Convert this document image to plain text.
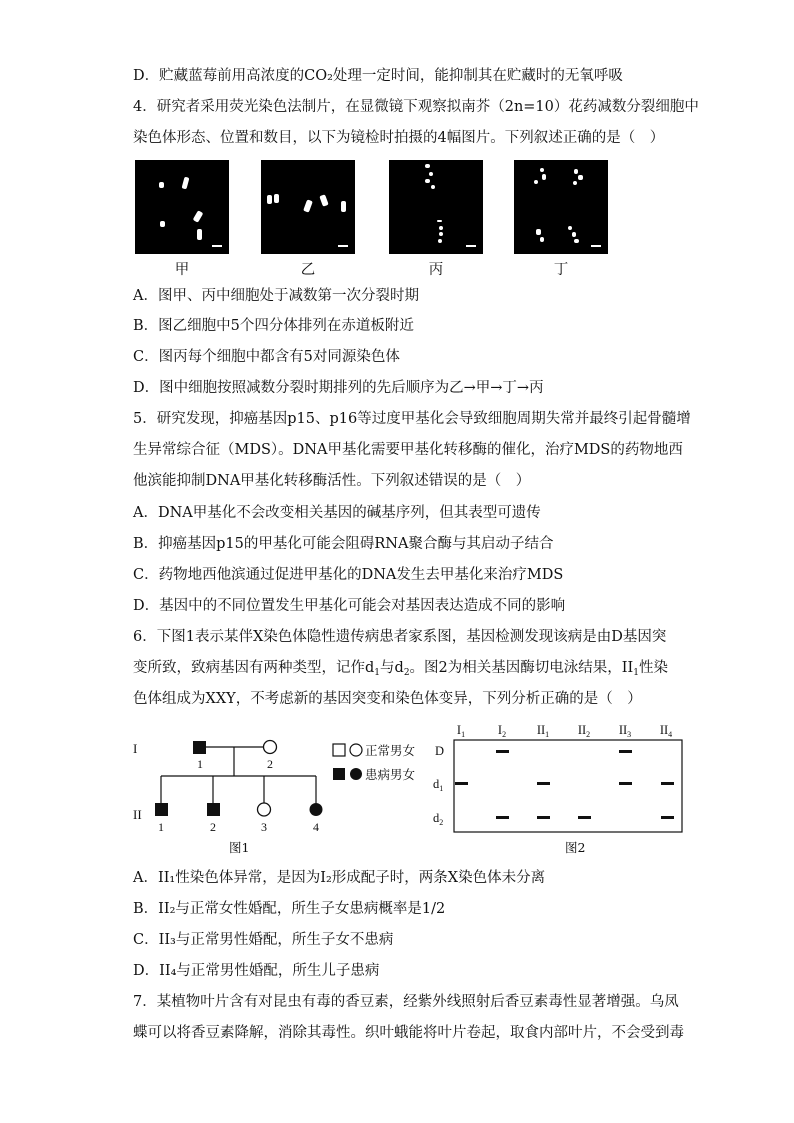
D．贮藏蓝莓前用高浓度的CO₂处理一定时间，能抑制其在贮藏时的无氧呼吸
4．研究者采用荧光染色法制片，在显微镜下观察拟南芥（2n=10）花药减数分裂细胞中
染色体形态、位置和数目，以下为镜检时拍摄的4幅图片。下列叙述正确的是（　）
甲	乙	丙	丁
A．图甲、丙中细胞处于减数第一次分裂时期
B．图乙细胞中5个四分体排列在赤道板附近
C．图丙每个细胞中都含有5对同源染色体
D．图中细胞按照减数分裂时期排列的先后顺序为乙→甲→丁→丙
5．研究发现，抑癌基因p15、p16等过度甲基化会导致细胞周期失常并最终引起骨髓增
生异常综合征（MDS）。DNA甲基化需要甲基化转移酶的催化，治疗MDS的药物地西
他滨能抑制DNA甲基化转移酶活性。下列叙述错误的是（　）
A．DNA甲基化不会改变相关基因的碱基序列，但其表型可遗传
B．抑癌基因p15的甲基化可能会阻碍RNA聚合酶与其启动子结合
C．药物地西他滨通过促进甲基化的DNA发生去甲基化来治疗MDS
D．基因中的不同位置发生甲基化可能会对基因表达造成不同的影响
6．下图1表示某伴X染色体隐性遗传病患者家系图，基因检测发现该病是由D基因突
变所致，致病基因有两种类型，记作$d_1$与$d_2$。图2为相关基因酶切电泳结果，$II_1$性染
色体组成为XXY，不考虑新的基因突变和染色体变异，下列分析正确的是（　）
I
II
1	2
1	2	3	4
正常男女
患病男女
图1
$I_1$	$I_2$ $II_1$ $II_2$ $II_3$ $II_4$
D
$d_1$
$d_2$
图2
A．II₁性染色体异常，是因为I₂形成配子时，两条X染色体未分离
B．II₂与正常女性婚配，所生子女患病概率是1/2
C．II₃与正常男性婚配，所生子女不患病
D．II₄与正常男性婚配，所生儿子患病
7．某植物叶片含有对昆虫有毒的香豆素，经紫外线照射后香豆素毒性显著增强。乌凤
蝶可以将香豆素降解，消除其毒性。织叶蛾能将叶片卷起，取食内部叶片，不会受到毒
